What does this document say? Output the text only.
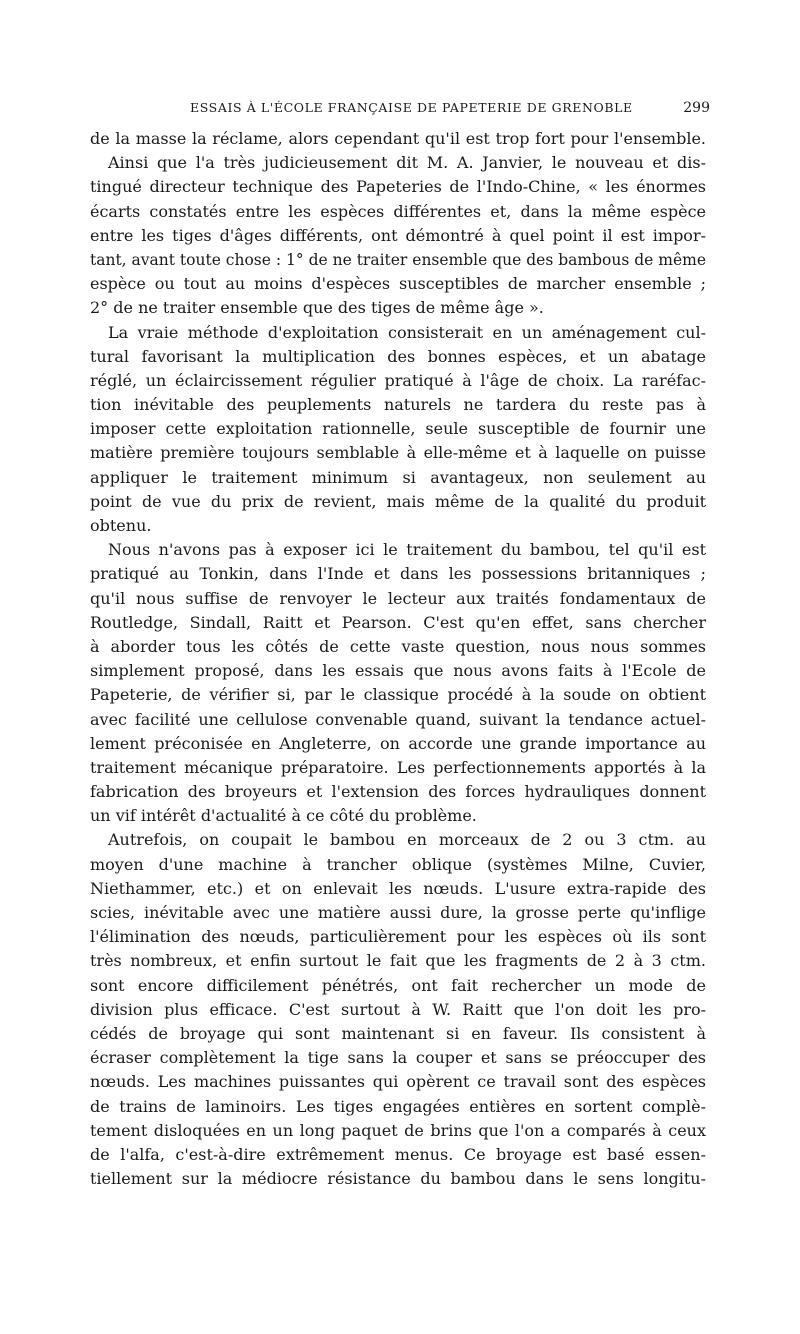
ESSAIS À L'ÉCOLE FRANÇAISE DE PAPETERIE DE GRENOBLE	299
de la masse la réclame, alors cependant qu'il est trop fort pour l'ensemble.
Ainsi que l'a très judicieusement dit M. A. Janvier, le nouveau et dis-
tingué directeur technique des Papeteries de l'Indo-Chine, « les énormes
écarts constatés entre les espèces différentes et, dans la même espèce
entre les tiges d'âges différents, ont démontré à quel point il est impor-
tant, avant toute chose : 1° de ne traiter ensemble que des bambous de même
espèce ou tout au moins d'espèces susceptibles de marcher ensemble ;
2° de ne traiter ensemble que des tiges de même âge ».
La vraie méthode d'exploitation consisterait en un aménagement cul-
tural favorisant la multiplication des bonnes espèces, et un abatage
réglé, un éclaircissement régulier pratiqué à l'âge de choix. La raréfac-
tion inévitable des peuplements naturels ne tardera du reste pas à
imposer cette exploitation rationnelle, seule susceptible de fournir une
matière première toujours semblable à elle-même et à laquelle on puisse
appliquer le traitement minimum si avantageux, non seulement au
point de vue du prix de revient, mais même de la qualité du produit
obtenu.
Nous n'avons pas à exposer ici le traitement du bambou, tel qu'il est
pratiqué au Tonkin, dans l'Inde et dans les possessions britanniques ;
qu'il nous suffise de renvoyer le lecteur aux traités fondamentaux de
Routledge, Sindall, Raitt et Pearson. C'est qu'en effet, sans chercher
à aborder tous les côtés de cette vaste question, nous nous sommes
simplement proposé, dans les essais que nous avons faits à l'Ecole de
Papeterie, de vérifier si, par le classique procédé à la soude on obtient
avec facilité une cellulose convenable quand, suivant la tendance actuel-
lement préconisée en Angleterre, on accorde une grande importance au
traitement mécanique préparatoire. Les perfectionnements apportés à la
fabrication des broyeurs et l'extension des forces hydrauliques donnent
un vif intérêt d'actualité à ce côté du problème.
Autrefois, on coupait le bambou en morceaux de 2 ou 3 ctm. au
moyen d'une machine à trancher oblique (systèmes Milne, Cuvier,
Niethammer, etc.) et on enlevait les nœuds. L'usure extra-rapide des
scies, inévitable avec une matière aussi dure, la grosse perte qu'inflige
l'élimination des nœuds, particulièrement pour les espèces où ils sont
très nombreux, et enfin surtout le fait que les fragments de 2 à 3 ctm.
sont encore difficilement pénétrés, ont fait rechercher un mode de
division plus efficace. C'est surtout à W. Raitt que l'on doit les pro-
cédés de broyage qui sont maintenant si en faveur. Ils consistent à
écraser complètement la tige sans la couper et sans se préoccuper des
nœuds. Les machines puissantes qui opèrent ce travail sont des espèces
de trains de laminoirs. Les tiges engagées entières en sortent complè-
tement disloquées en un long paquet de brins que l'on a comparés à ceux
de l'alfa, c'est-à-dire extrêmement menus. Ce broyage est basé essen-
tiellement sur la médiocre résistance du bambou dans le sens longitu-
